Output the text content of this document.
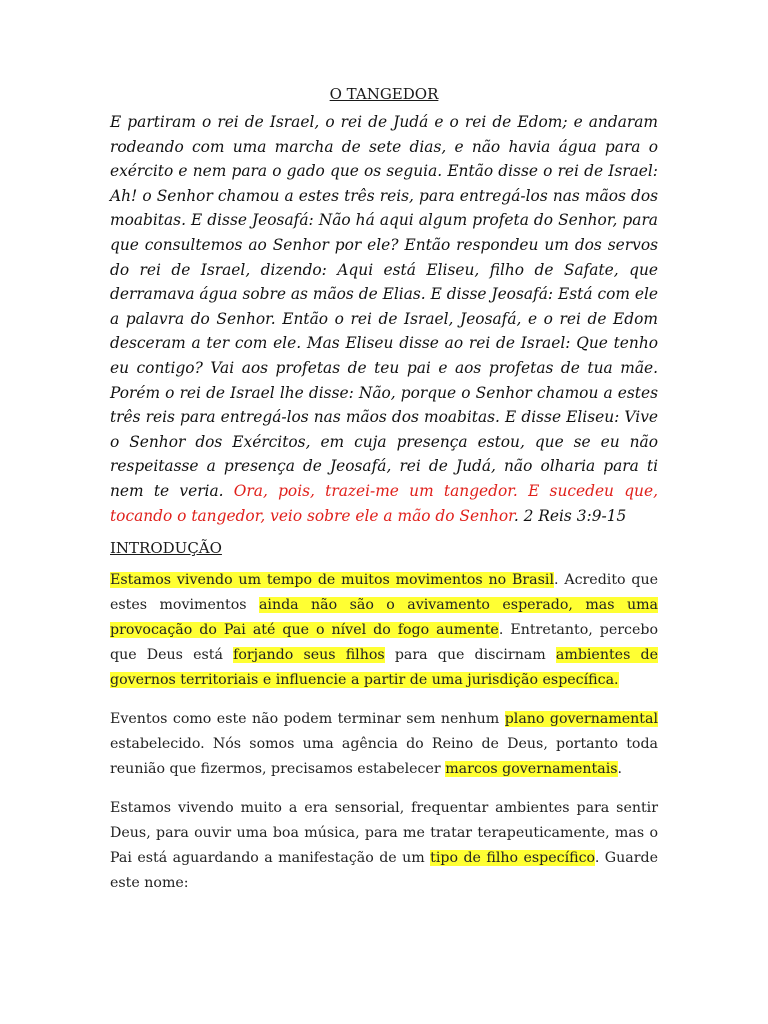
O TANGEDOR

E partiram o rei de Israel, o rei de Judá e o rei de Edom; e andaram rodeando com uma marcha de sete dias, e não havia água para o exército e nem para o gado que os seguia. Então disse o rei de Israel: Ah! o Senhor chamou a estes três reis, para entregá-los nas mãos dos moabitas. E disse Jeosafá: Não há aqui algum profeta do Senhor, para que consultemos ao Senhor por ele? Então respondeu um dos servos do rei de Israel, dizendo: Aqui está Eliseu, filho de Safate, que derramava água sobre as mãos de Elias. E disse Jeosafá: Está com ele a palavra do Senhor. Então o rei de Israel, Jeosafá, e o rei de Edom desceram a ter com ele. Mas Eliseu disse ao rei de Israel: Que tenho eu contigo? Vai aos profetas de teu pai e aos profetas de tua mãe. Porém o rei de Israel lhe disse: Não, porque o Senhor chamou a estes três reis para entregá-los nas mãos dos moabitas. E disse Eliseu: Vive o Senhor dos Exércitos, em cuja presença estou, que se eu não respeitasse a presença de Jeosafá, rei de Judá, não olharia para ti nem te veria. Ora, pois, trazei-me um tangedor. E sucedeu que, tocando o tangedor, veio sobre ele a mão do Senhor. 2 Reis 3:9-15

INTRODUÇÃO

Estamos vivendo um tempo de muitos movimentos no Brasil. Acredito que estes movimentos ainda não são o avivamento esperado, mas uma provocação do Pai até que o nível do fogo aumente. Entretanto, percebo que Deus está forjando seus filhos para que discirnam ambientes de governos territoriais e influencie a partir de uma jurisdição específica.

Eventos como este não podem terminar sem nenhum plano governamental estabelecido. Nós somos uma agência do Reino de Deus, portanto toda reunião que fizermos, precisamos estabelecer marcos governamentais.

Estamos vivendo muito a era sensorial, frequentar ambientes para sentir Deus, para ouvir uma boa música, para me tratar terapeuticamente, mas o Pai está aguardando a manifestação de um tipo de filho específico. Guarde este nome:
